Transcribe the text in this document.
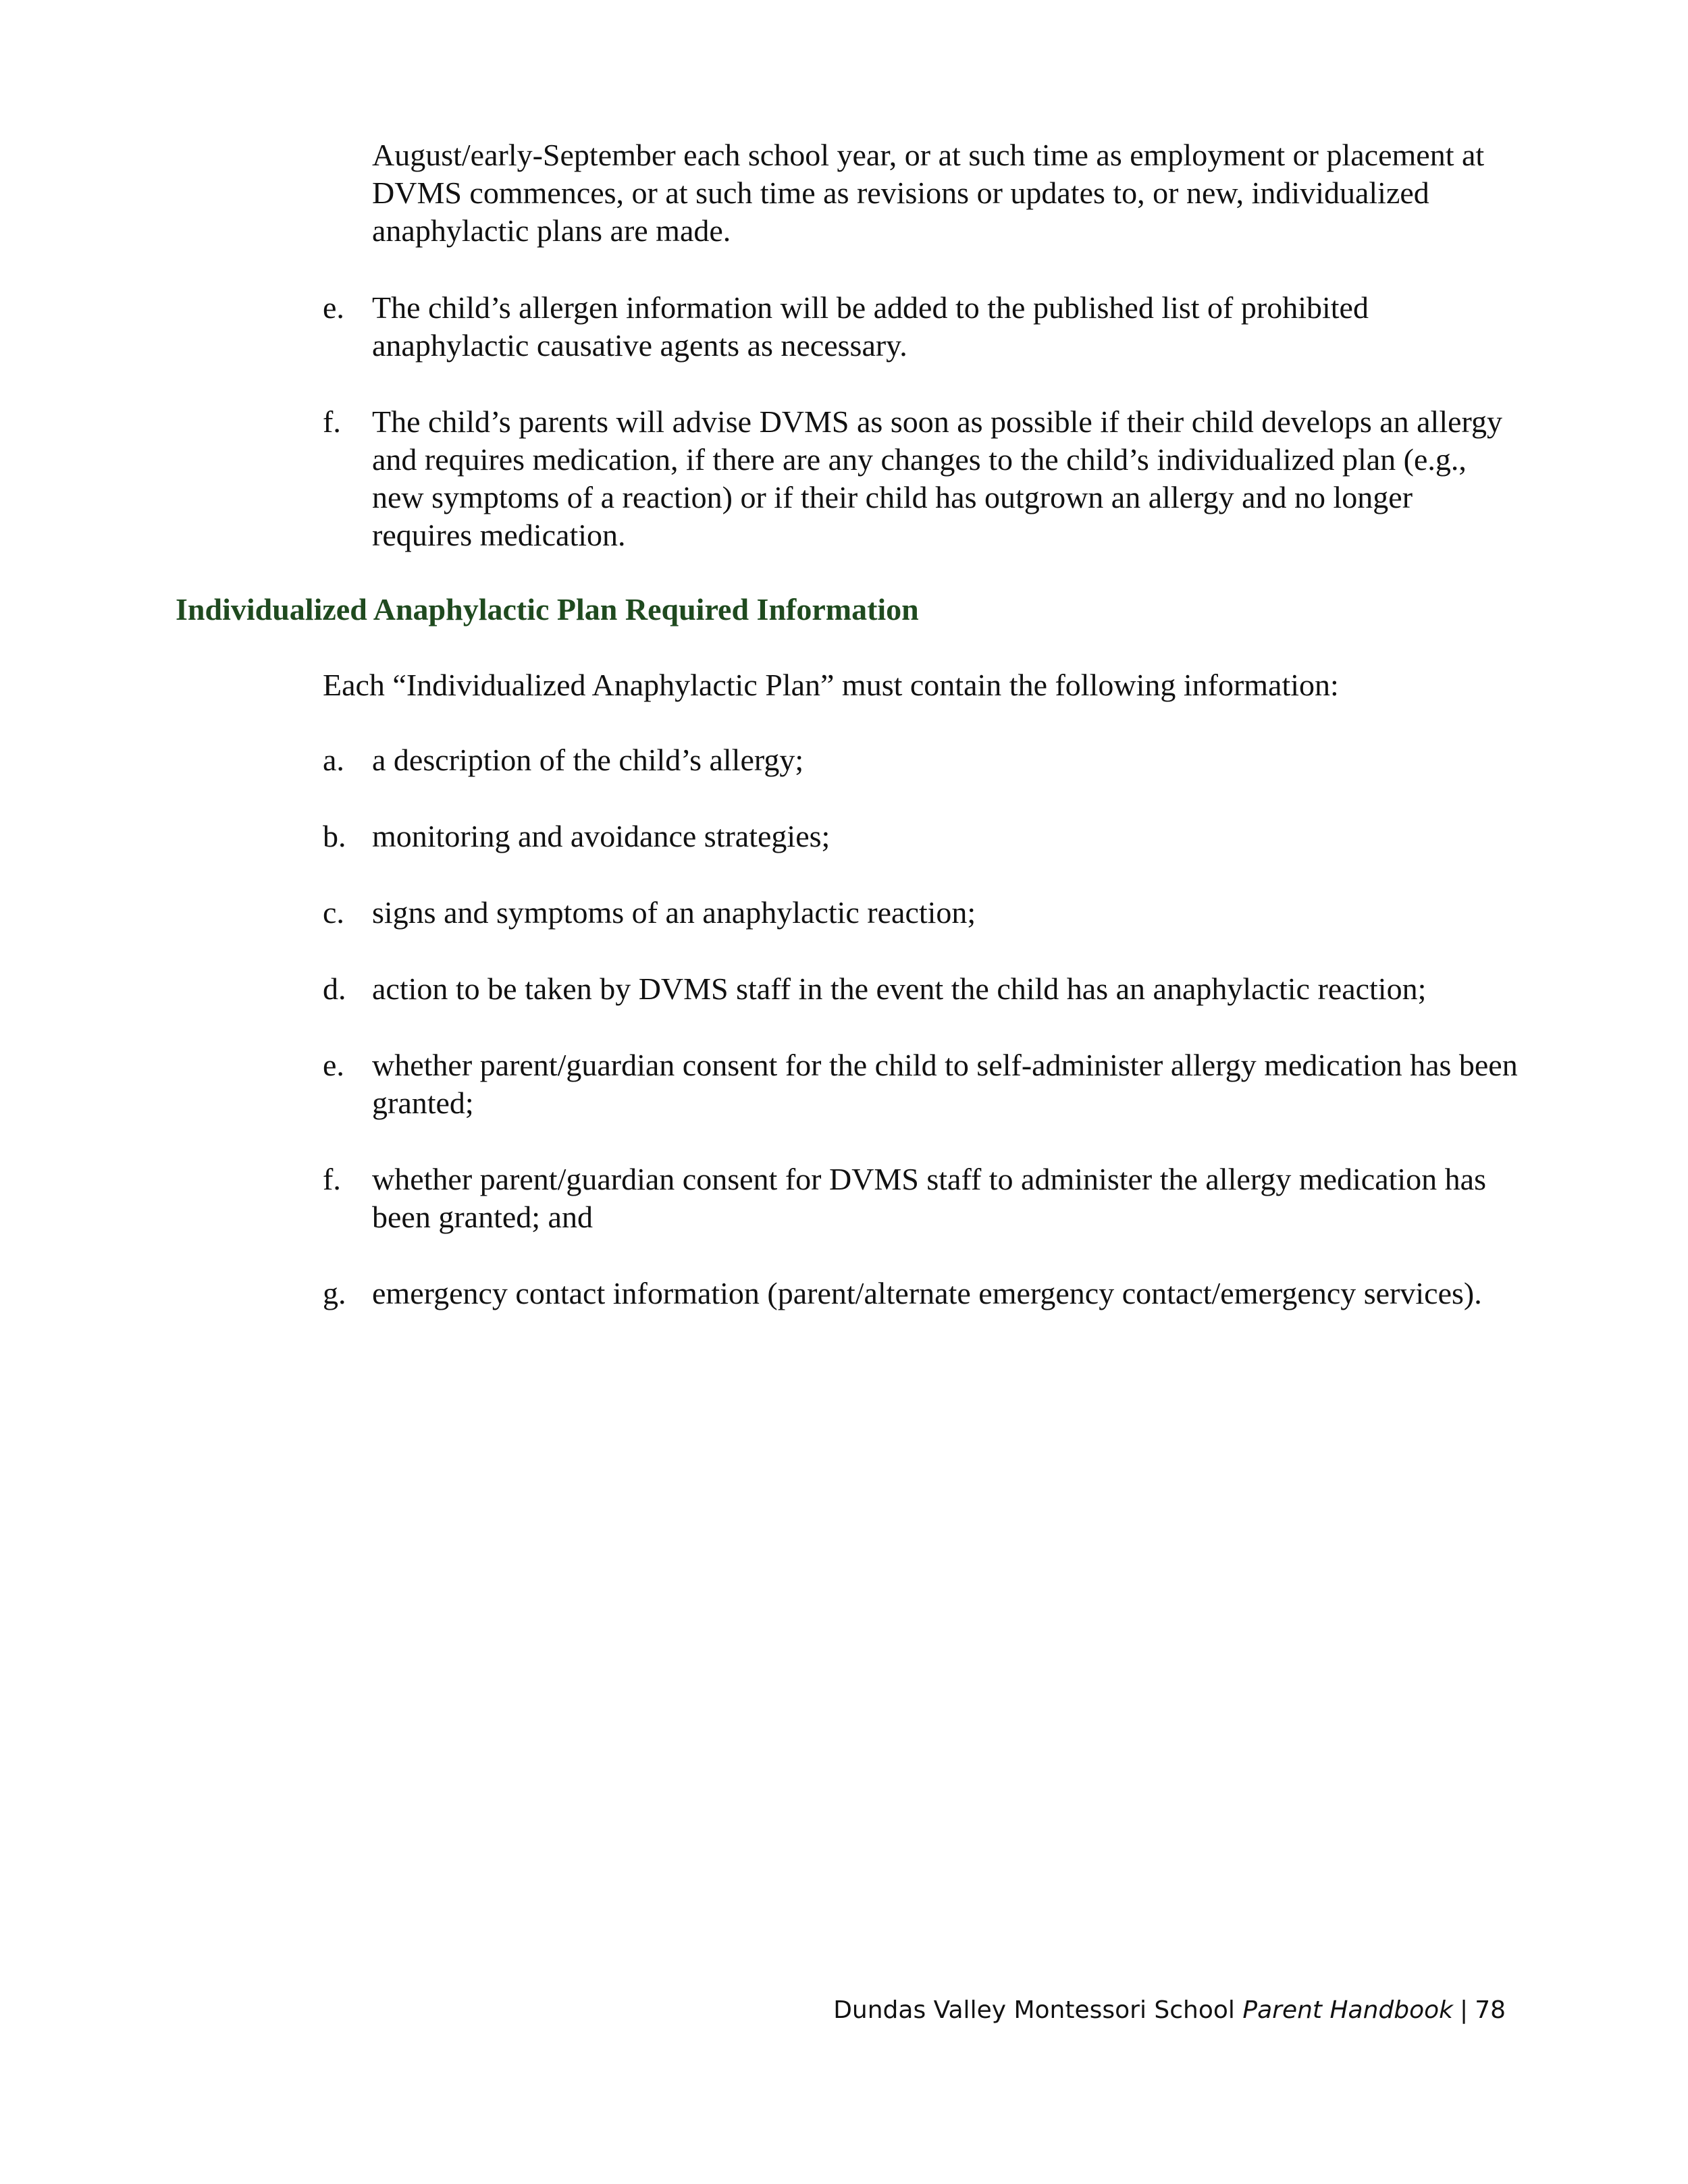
August/early-September each school year, or at such time as employment or placement at DVMS commences, or at such time as revisions or updates to, or new, individualized anaphylactic plans are made.
e. The child’s allergen information will be added to the published list of prohibited anaphylactic causative agents as necessary.
f.	The child’s parents will advise DVMS as soon as possible if their child develops an allergy and requires medication, if there are any changes to the child’s individualized plan (e.g., new symptoms of a reaction) or if their child has outgrown an allergy and no longer requires medication.
Individualized Anaphylactic Plan Required Information
Each “Individualized Anaphylactic Plan” must contain the following information:
a. a description of the child’s allergy;
b. monitoring and avoidance strategies;
c. signs and symptoms of an anaphylactic reaction;
d. action to be taken by DVMS staff in the event the child has an anaphylactic reaction;
e. whether parent/guardian consent for the child to self-administer allergy medication has been granted;
f.	whether parent/guardian consent for DVMS staff to administer the allergy medication has been granted; and
g. emergency contact information (parent/alternate emergency contact/emergency services).
Dundas Valley Montessori School Parent Handbook | 78
